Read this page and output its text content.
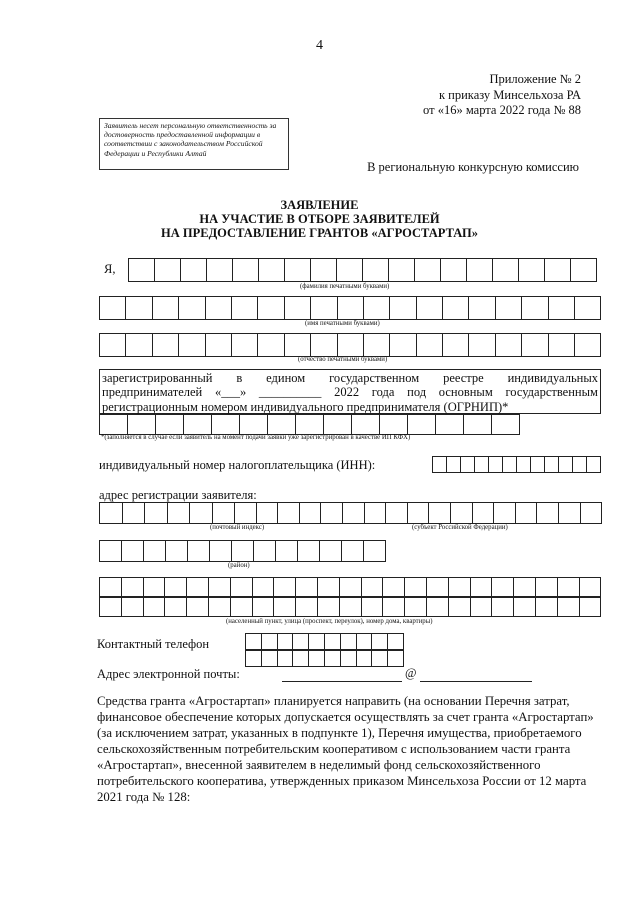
4
Приложение № 2
к приказу Минсельхоза РА
от «16» марта 2022 года № 88
Заявитель несет персональную ответственность за достоверность предоставленной информации в соответствии с законодательством Российской Федерации и Республики Алтай
В региональную конкурсную комиссию
ЗАЯВЛЕНИЕ
НА УЧАСТИЕ В ОТБОРЕ ЗАЯВИТЕЛЕЙ
НА ПРЕДОСТАВЛЕНИЕ ГРАНТОВ «АГРОСТАРТАП»
Я,
(фамилия печатными буквами)
(имя печатными буквами)
(отчество печатными буквами)
зарегистрированный в едином государственном реестре индивидуальных
предпринимателей «___» __________ 2022 года под основным государственным
регистрационным номером индивидуального предпринимателя (ОГРНИП)*
*(заполняется в случае если заявитель на момент подачи заявки уже зарегистрирован в качестве ИП КФХ)
индивидуальный номер налогоплательщика (ИНН):
адрес регистрации заявителя:
(почтовый индекс)	(субъект Российской Федерации)
(район)
(населенный пункт, улица (проспект, переулок), номер дома, квартиры)
Контактный телефон
Адрес электронной почты:	@
Средства гранта «Агростартап» планируется направить (на основании Перечня затрат, финансовое обеспечение которых допускается осуществлять за счет гранта «Агростартап» (за исключением затрат, указанных в подпункте 1), Перечня имущества, приобретаемого сельскохозяйственным потребительским кооперативом с использованием части гранта «Агростартап», внесенной заявителем в неделимый фонд сельскохозяйственного потребительского кооператива, утвержденных приказом Минсельхоза России от 12 марта 2021 года № 128:
